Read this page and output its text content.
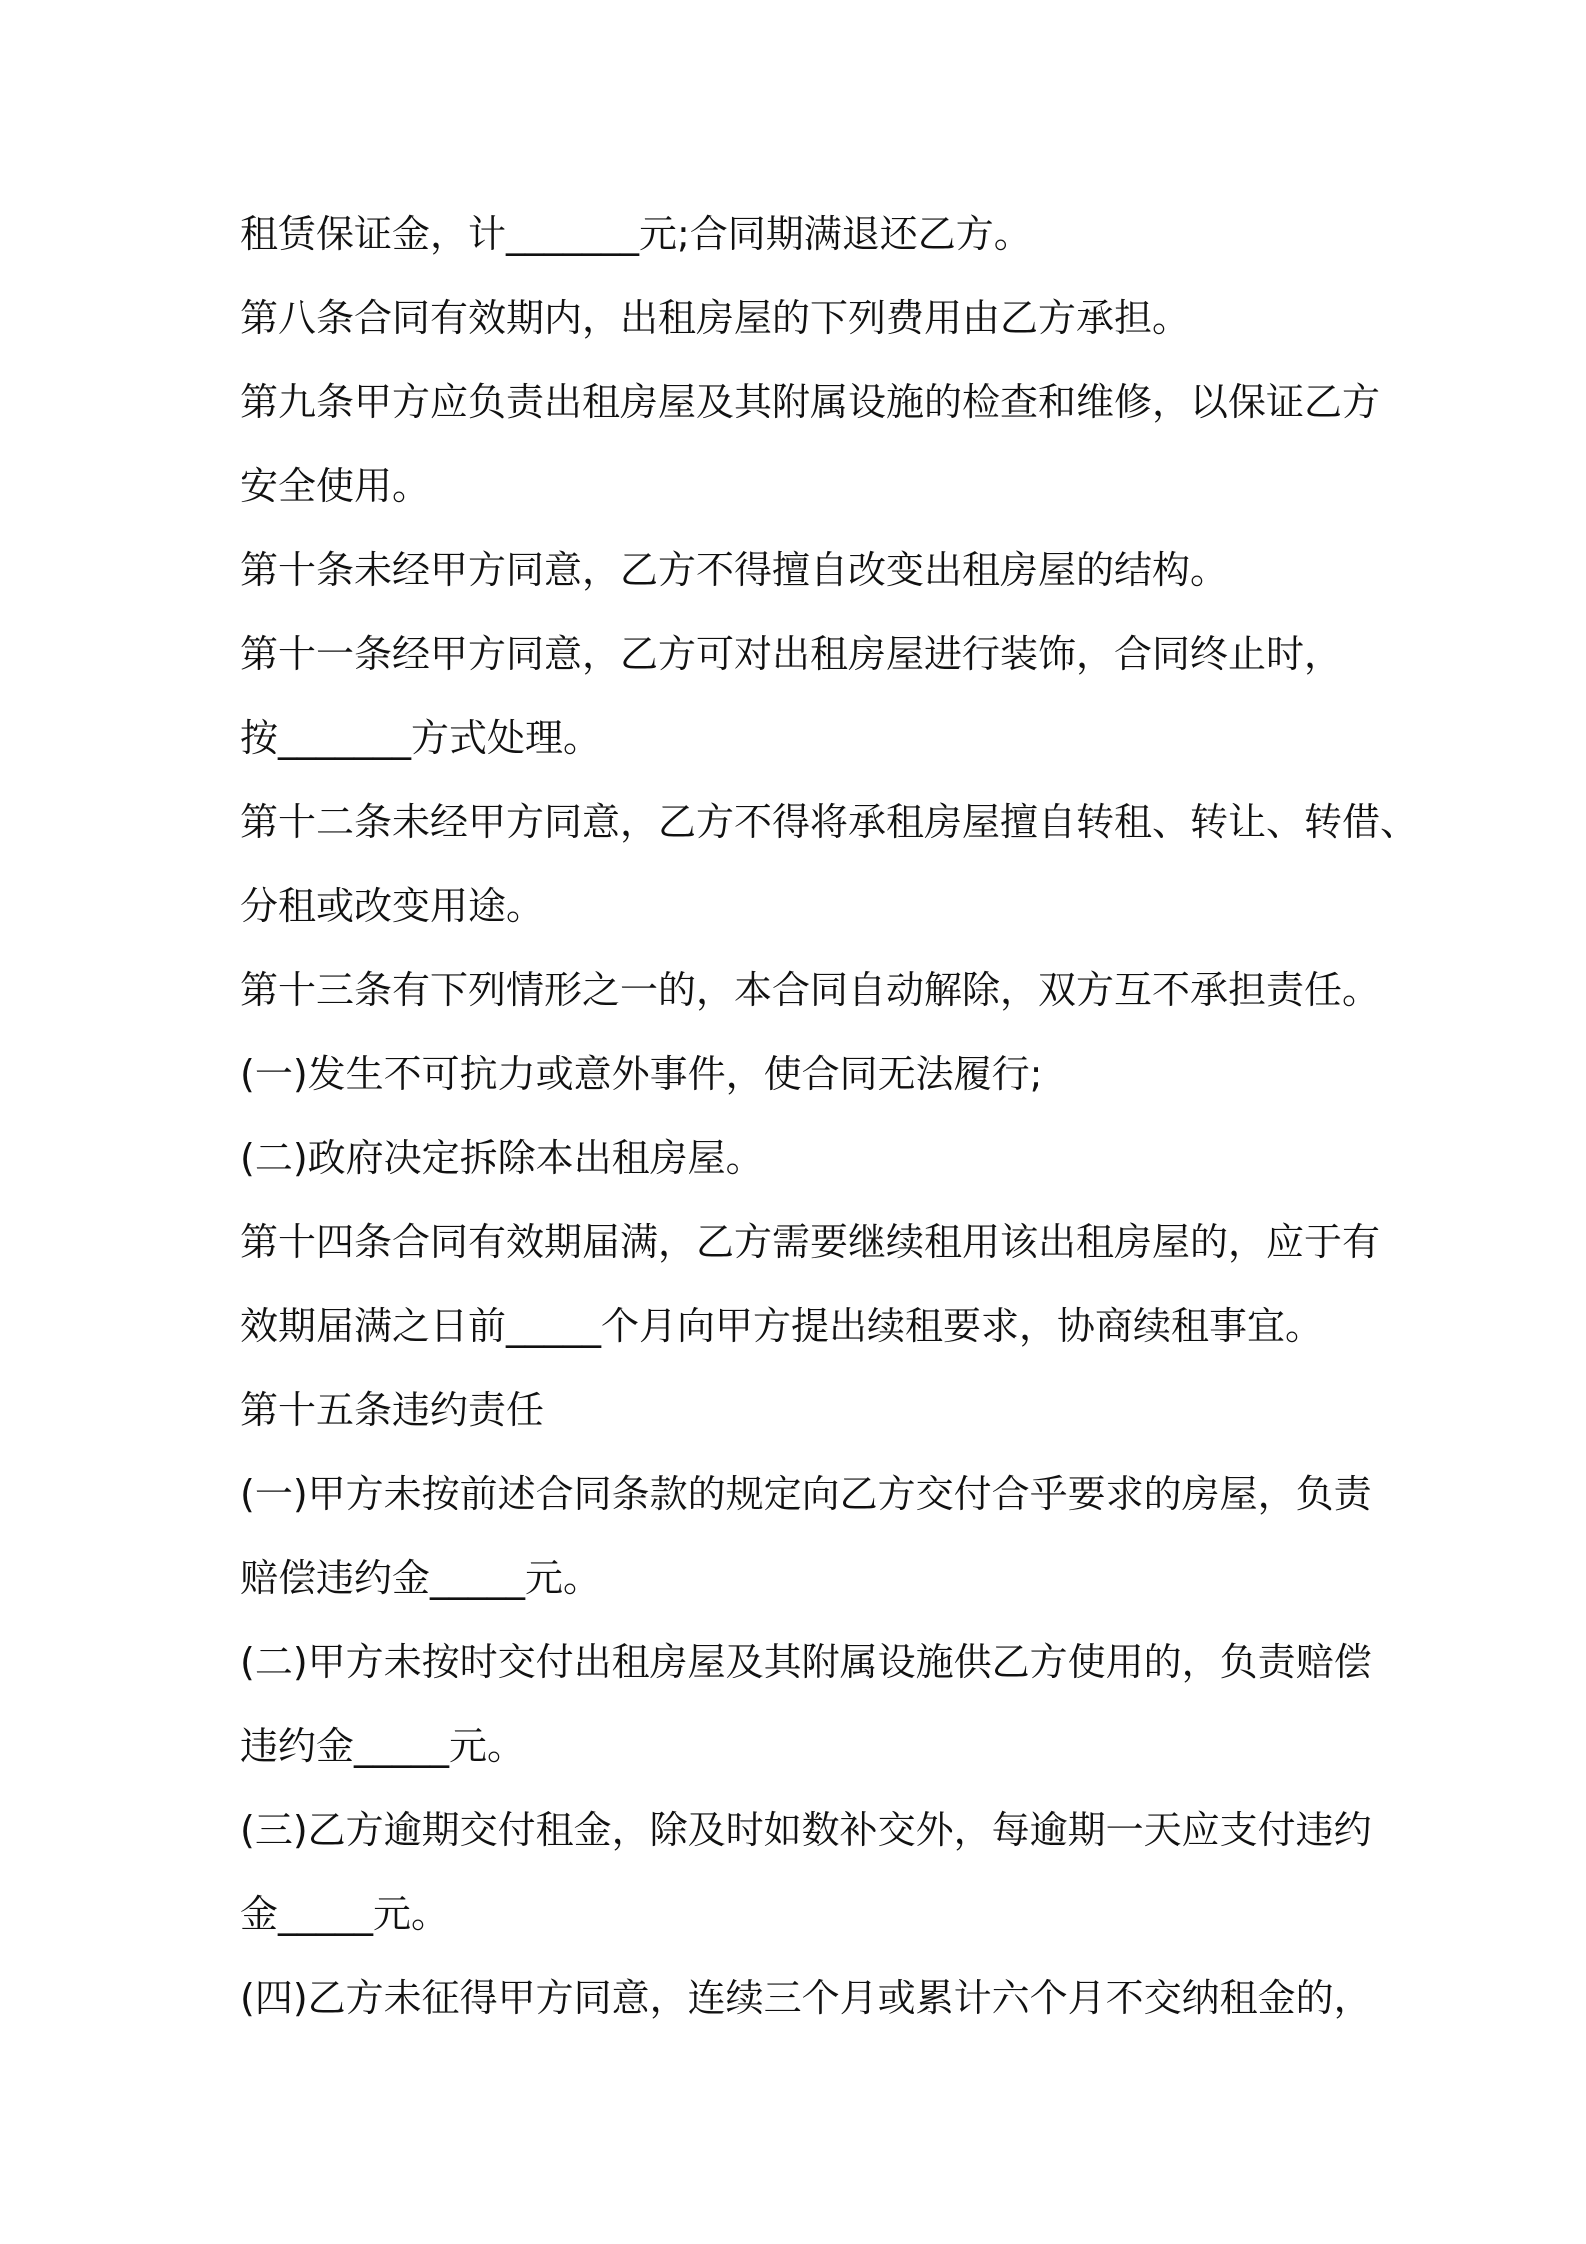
租赁保证金，计_______元;合同期满退还乙方。
第八条合同有效期内，出租房屋的下列费用由乙方承担。
第九条甲方应负责出租房屋及其附属设施的检查和维修，以保证乙方
安全使用。
第十条未经甲方同意，乙方不得擅自改变出租房屋的结构。
第十一条经甲方同意，乙方可对出租房屋进行装饰，合同终止时，
按_______方式处理。
第十二条未经甲方同意，乙方不得将承租房屋擅自转租、转让、转借、
分租或改变用途。
第十三条有下列情形之一的，本合同自动解除，双方互不承担责任。
(一)发生不可抗力或意外事件，使合同无法履行;
(二)政府决定拆除本出租房屋。
第十四条合同有效期届满，乙方需要继续租用该出租房屋的，应于有
效期届满之日前_____个月向甲方提出续租要求，协商续租事宜。
第十五条违约责任
(一)甲方未按前述合同条款的规定向乙方交付合乎要求的房屋，负责
赔偿违约金_____元。
(二)甲方未按时交付出租房屋及其附属设施供乙方使用的，负责赔偿
违约金_____元。
(三)乙方逾期交付租金，除及时如数补交外，每逾期一天应支付违约
金_____元。
(四)乙方未征得甲方同意，连续三个月或累计六个月不交纳租金的，
